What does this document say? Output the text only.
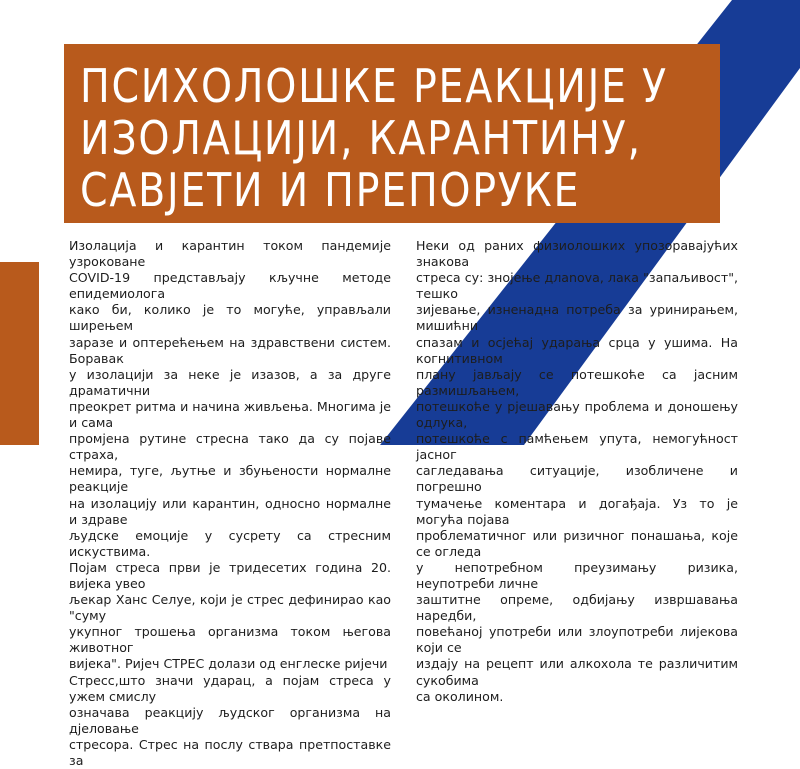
ПСИХОЛОШКЕ РЕАКЦИЈЕ У
ИЗОЛАЦИЈИ, КАРАНТИНУ,
САВЈЕТИ И ПРЕПОРУКЕ

Изолација и карантин током пандемије узроковане
COVID-19 представљају кључне методе епидемиолога
како би, колико је то могуће, управљали ширењем
заразе и оптерећењем на здравствени систем. Боравак
у изолацији за неке је изазов, а за друге драматични
преокрет ритма и начина живљења. Многима је и сама
промјена рутине стресна тако да су појаве страха,
немира, туге, љутње и збуњености нормалне реакције
на изолацију или карантин, односно нормалне и здраве
људске емоције у сусрету са стресним искуствима.
Појам стреса први је тридесетих година 20. вијека увео
љекар Ханс Селуе, који је стрес дефинирао као "суму
укупног трошења организма током његова животног
вијека". Ријеч СТРЕС долази од енглеске ријечи
Стресс,што значи ударац, а појам стреса у ужем смислу
означава реакцију људског организма на дјеловање
стресора. Стрес на послу ствара претпоставке за

Неки од раних физиолошких упозоравајућих знакова
стреса су: знојење длanova, лака "запаљивост", тешко
зијевање, изненадна потреба за уринирањем, мишићни
спазам и осјећај ударања срца у ушима. На когнитивном
плану јављају се потешкоће са јасним размишљањем,
потешкоће у рјешавању проблема и доношењу одлука,
потешкоће с памћењем упута, немогућност јасног
сагледавања ситуације, изобличене и погрешно
тумачење коментара и догађаја. Уз то је могућа појава
проблематичног или ризичног понашања, које се огледа
у непотребном преузимању ризика, неупотреби личне
заштитне опреме, одбијању извршавања наредби,
повећаној употреби или злоупотреби лијекова који се
издају на рецепт или алкохола те различитим сукобима
са околином.
